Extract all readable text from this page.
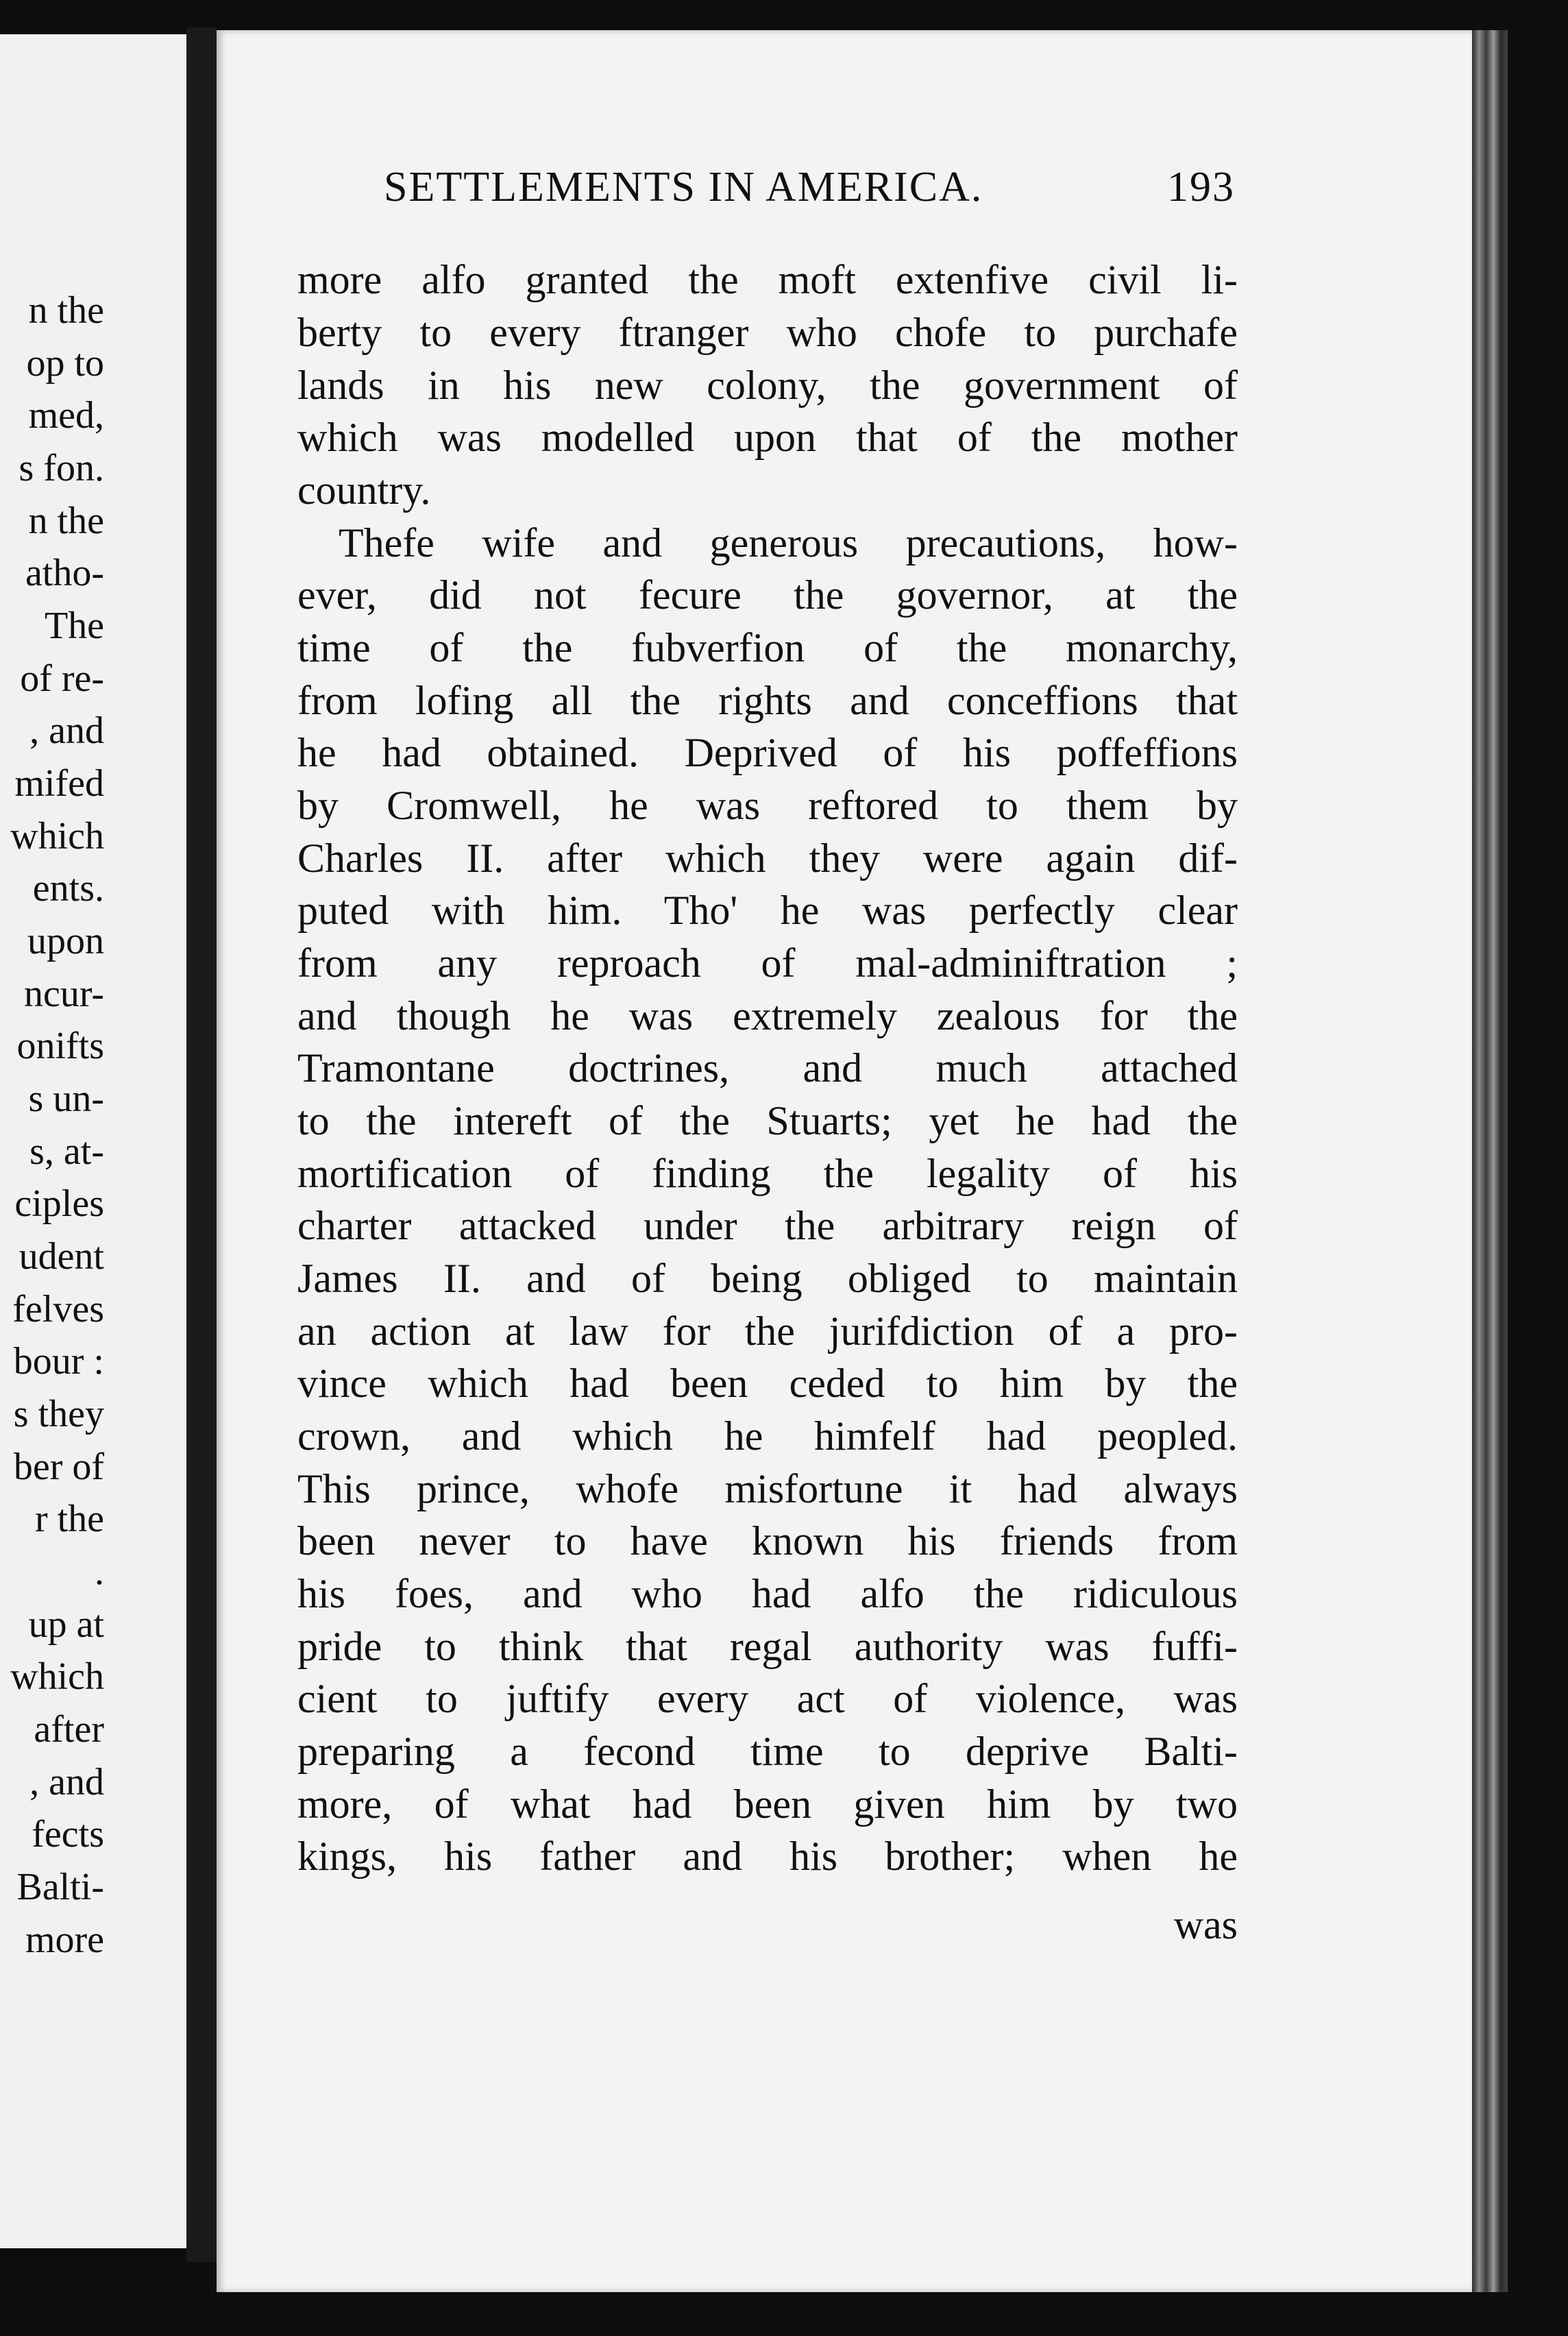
n the
op to
med,
s fon.
n the
atho-
The
of re-
, and
mifed
which
ents.
upon
ncur-
onifts
s un-
s, at-
ciples
udent
felves
bour :
s they
ber of
r the
.
up at
which
after
, and
fects
Balti-
more
SETTLEMENTS IN AMERICA.	193
more alfo granted the moft extenfive civil li-
berty to every ftranger who chofe to purchafe
lands in his new colony, the government of
which was modelled upon that of the mother
country.
Thefe wife and generous precautions, how-
ever, did not fecure the governor, at the
time of the fubverfion of the monarchy,
from lofing all the rights and conceffions that
he had obtained. Deprived of his poffeffions
by Cromwell, he was reftored to them by
Charles II. after which they were again dif-
puted with him. Tho' he was perfectly clear
from any reproach of mal-adminiftration ;
and though he was extremely zealous for the
Tramontane doctrines, and much attached
to the intereft of the Stuarts; yet he had the
mortification of finding the legality of his
charter attacked under the arbitrary reign of
James II. and of being obliged to maintain
an action at law for the jurifdiction of a pro-
vince which had been ceded to him by the
crown, and which he himfelf had peopled.
This prince, whofe misfortune it had always
been never to have known his friends from
his foes, and who had alfo the ridiculous
pride to think that regal authority was fuffi-
cient to juftify every act of violence, was
preparing a fecond time to deprive Balti-
more, of what had been given him by two
kings, his father and his brother; when he
was
